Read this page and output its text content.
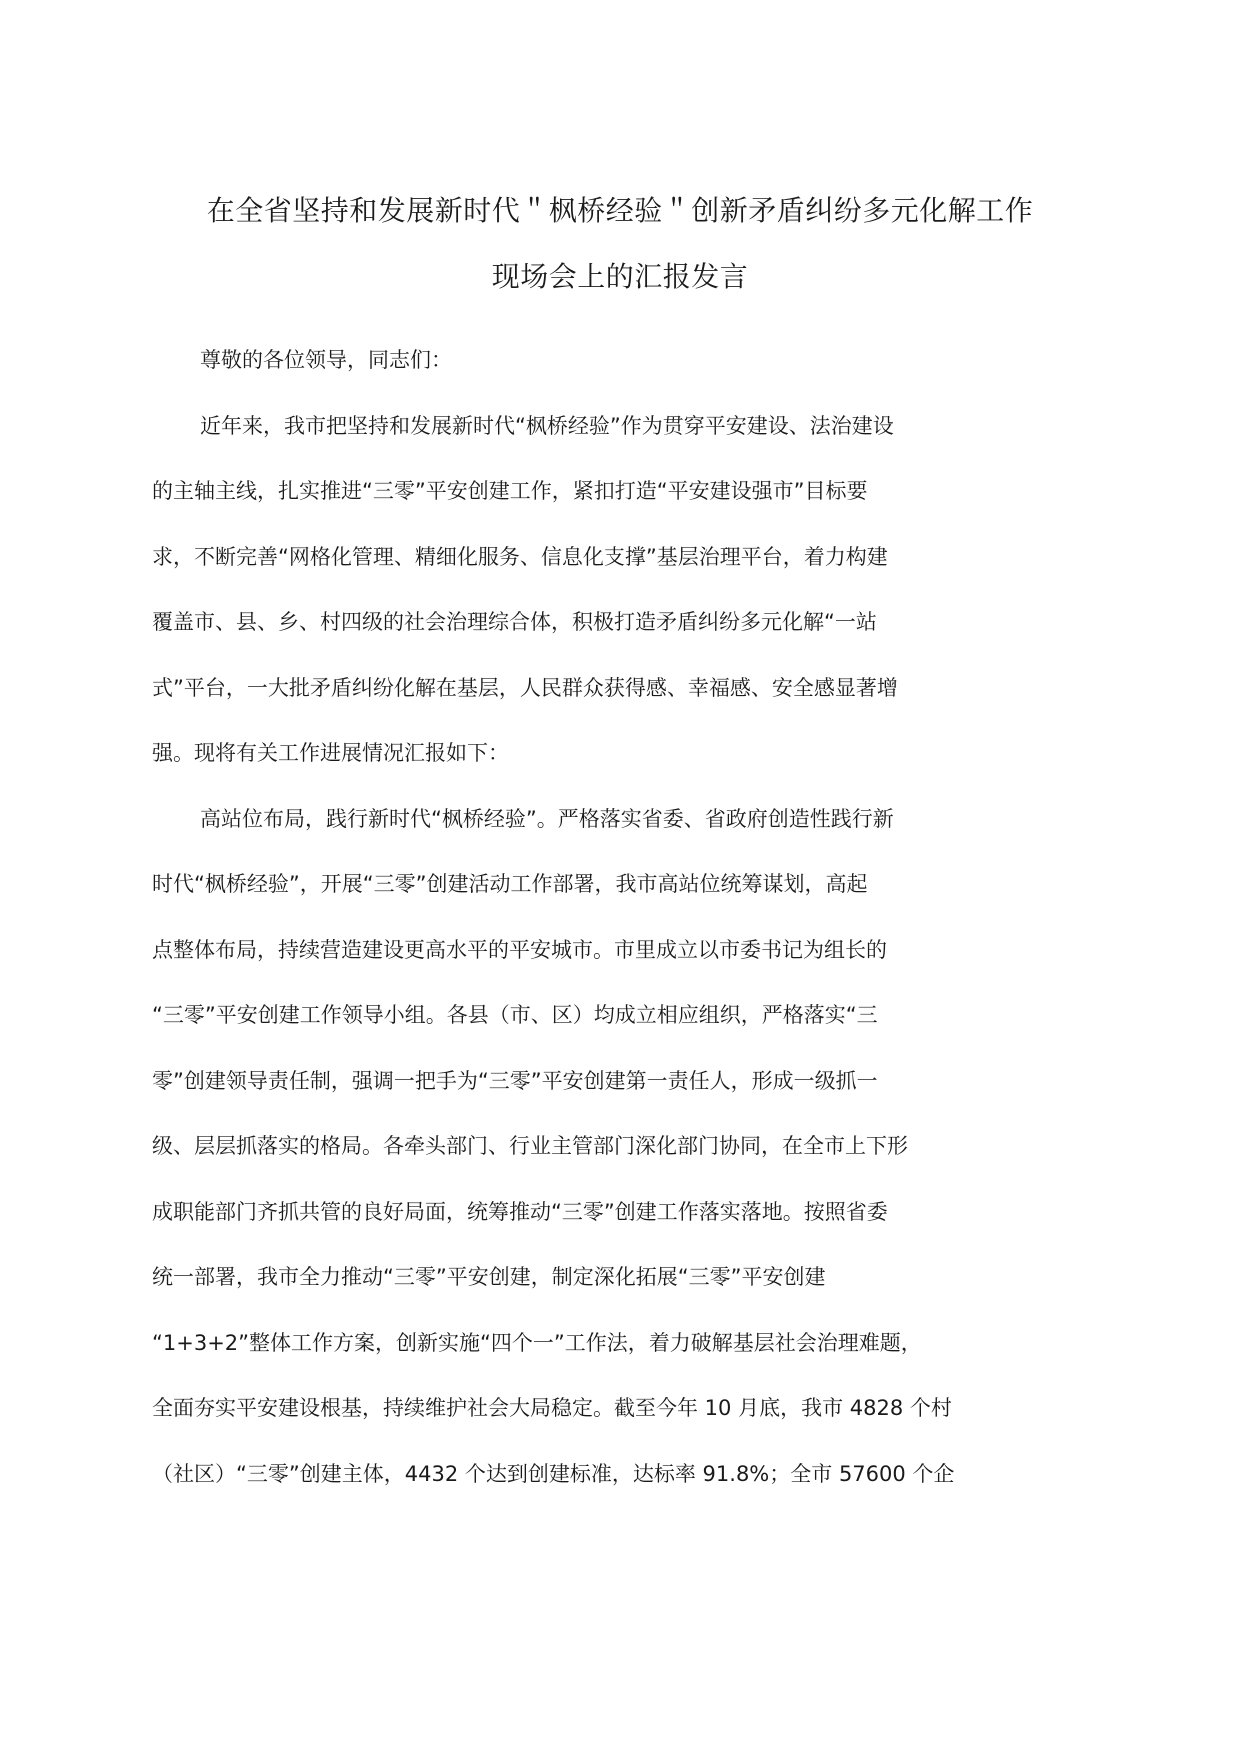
在全省坚持和发展新时代＂枫桥经验＂创新矛盾纠纷多元化解工作
现场会上的汇报发言

尊敬的各位领导，同志们：

近年来，我市把坚持和发展新时代“枫桥经验”作为贯穿平安建设、法治建设
的主轴主线，扎实推进“三零”平安创建工作，紧扣打造“平安建设强市”目标要
求，不断完善“网格化管理、精细化服务、信息化支撑”基层治理平台，着力构建
覆盖市、县、乡、村四级的社会治理综合体，积极打造矛盾纠纷多元化解“一站
式”平台，一大批矛盾纠纷化解在基层，人民群众获得感、幸福感、安全感显著增
强。现将有关工作进展情况汇报如下：

高站位布局，践行新时代“枫桥经验”。严格落实省委、省政府创造性践行新
时代“枫桥经验”，开展“三零”创建活动工作部署，我市高站位统筹谋划，高起
点整体布局，持续营造建设更高水平的平安城市。市里成立以市委书记为组长的
“三零”平安创建工作领导小组。各县（市、区）均成立相应组织，严格落实“三
零”创建领导责任制，强调一把手为“三零”平安创建第一责任人，形成一级抓一
级、层层抓落实的格局。各牵头部门、行业主管部门深化部门协同，在全市上下形
成职能部门齐抓共管的良好局面，统筹推动“三零”创建工作落实落地。按照省委
统一部署，我市全力推动“三零”平安创建，制定深化拓展“三零”平安创建
“1+3+2”整体工作方案，创新实施“四个一”工作法，着力破解基层社会治理难题，
全面夯实平安建设根基，持续维护社会大局稳定。截至今年 10 月底，我市 4828 个村
（社区）“三零”创建主体，4432 个达到创建标准，达标率 91.8%；全市 57600 个企
